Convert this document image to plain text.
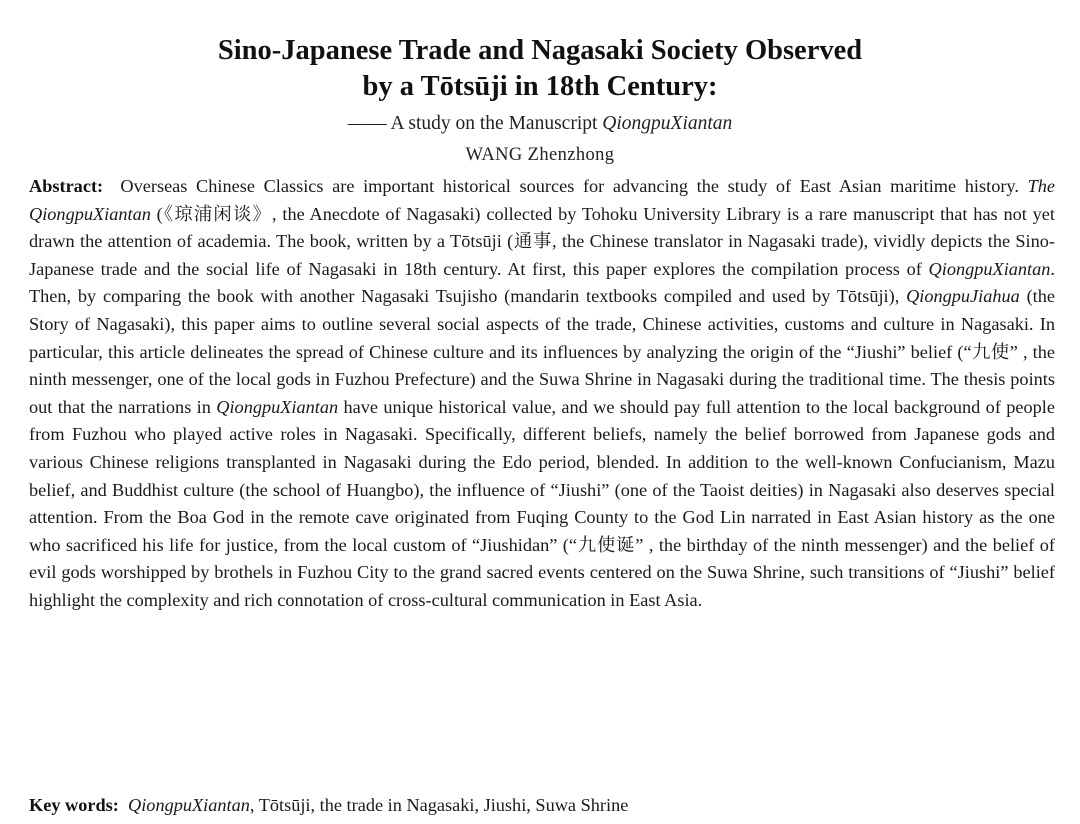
Sino-Japanese Trade and Nagasaki Society Observed
by a Tōtsūji in 18th Century:
—— A study on the Manuscript QiongpuXiantan
WANG Zhenzhong

Abstract: Overseas Chinese Classics are important historical sources for advancing the study of East Asian maritime history. The QiongpuXiantan (《琼浦闲谈》, the Anecdote of Nagasaki) collected by Tohoku University Library is a rare manuscript that has not yet drawn the attention of academia. The book, written by a Tōtsūji (通事, the Chinese translator in Nagasaki trade), vividly depicts the Sino-Japanese trade and the social life of Nagasaki in 18th century. At first, this paper explores the compilation process of QiongpuXiantan. Then, by comparing the book with another Nagasaki Tsujisho (mandarin textbooks compiled and used by Tōtsūji), QiongpuJiahua (the Story of Nagasaki), this paper aims to outline several social aspects of the trade, Chinese activities, customs and culture in Nagasaki. In particular, this article delineates the spread of Chinese culture and its influences by analyzing the origin of the “Jiushi” belief (“九使” , the ninth messenger, one of the local gods in Fuzhou Prefecture) and the Suwa Shrine in Nagasaki during the traditional time. The thesis points out that the narrations in QiongpuXiantan have unique historical value, and we should pay full attention to the local background of people from Fuzhou who played active roles in Nagasaki. Specifically, different beliefs, namely the belief borrowed from Japanese gods and various Chinese religions transplanted in Nagasaki during the Edo period, blended. In addition to the well-known Confucianism, Mazu belief, and Buddhist culture (the school of Huangbo), the influence of “Jiushi” (one of the Taoist deities) in Nagasaki also deserves special attention. From the Boa God in the remote cave originated from Fuqing County to the God Lin narrated in East Asian history as the one who sacrificed his life for justice, from the local custom of “Jiushidan” (“九使诞” , the birthday of the ninth messenger) and the belief of evil gods worshipped by brothels in Fuzhou City to the grand sacred events centered on the Suwa Shrine, such transitions of “Jiushi” belief highlight the complexity and rich connotation of cross-cultural communication in East Asia.

Key words: QiongpuXiantan, Tōtsūji, the trade in Nagasaki, Jiushi, Suwa Shrine
